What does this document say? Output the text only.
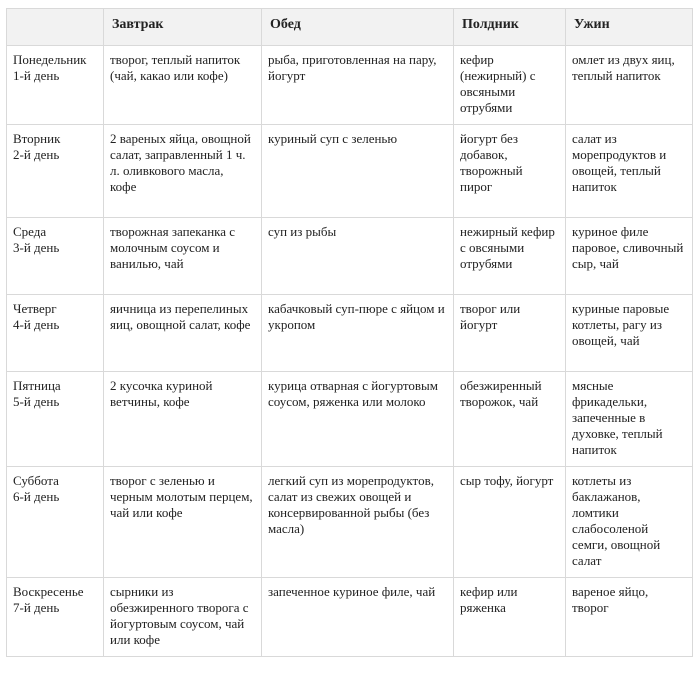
	Завтрак	Обед	Полдник	Ужин
Понедельник
1-й день	творог, теплый напиток (чай, какао или кофе)	рыба, приготовленная на пару, йогурт	кефир (нежирный) с овсяными отрубями	омлет из двух яиц, теплый напиток
Вторник
2-й день	2 вареных яйца, овощной салат, заправленный 1 ч. л. оливкового масла, кофе	куриный суп с зеленью	йогурт без добавок, творожный пирог	салат из морепродуктов и овощей, теплый напиток
Среда
3-й день	творожная запеканка с молочным соусом и ванилью, чай	суп из рыбы	нежирный кефир с овсяными отрубями	куриное филе паровое, сливочный сыр, чай
Четверг
4-й день	яичница из перепелиных яиц, овощной салат, кофе	кабачковый суп-пюре с яйцом и укропом	творог или йогурт	куриные паровые котлеты, рагу из овощей, чай
Пятница
5-й день	2 кусочка куриной ветчины, кофе	курица отварная с йогуртовым соусом, ряженка или молоко	обезжиренный творожок, чай	мясные фрикадельки, запеченные в духовке, теплый напиток
Суббота
6-й день	творог с зеленью и черным молотым перцем, чай или кофе	легкий суп из морепродуктов, салат из свежих овощей и консервированной рыбы (без масла)	сыр тофу, йогурт	котлеты из баклажанов, ломтики слабосоленой семги, овощной салат
Воскресенье
7-й день	сырники из обезжиренного творога с йогуртовым соусом, чай или кофе	запеченное куриное филе, чай	кефир или ряженка	вареное яйцо, творог
